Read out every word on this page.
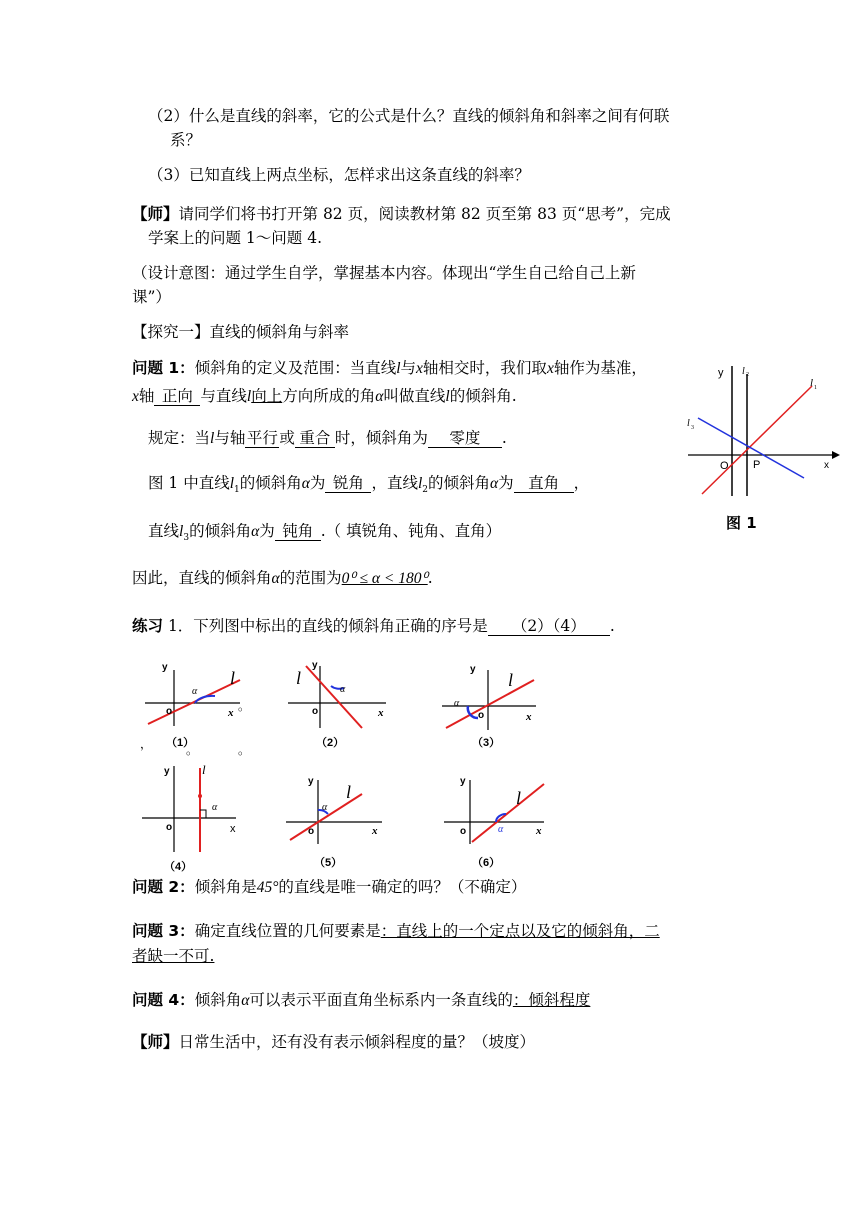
（2）什么是直线的斜率，它的公式是什么？直线的倾斜角和斜率之间有何联
系？
（3）已知直线上两点坐标，怎样求出这条直线的斜率？
【师】请同学们将书打开第 82 页，阅读教材第 82 页至第 83 页“思考”，完成
学案上的问题 1～问题 4.
（设计意图：通过学生自学，掌握基本内容。体现出“学生自己给自己上新
课”）
【探究一】直线的倾斜角与斜率
问题 1：倾斜角的定义及范围：当直线l与x轴相交时，我们取x轴作为基准，
x轴 正向 与直线l向上方向所成的角α叫做直线l的倾斜角.
规定：当l与轴平行或 重合 时，倾斜角为 零度 .
图 1 中直线$l_1$的倾斜角α为 锐角 ，直线$l_2$的倾斜角α为 直角 ，
直线$l_3$的倾斜角α为 钝角 .（ 填锐角、钝角、直角）
因此，直线的倾斜角α的范围为0⁰ ≤ α < 180⁰.
练习 1．下列图中标出的直线的倾斜角正确的序号是 （2）（4） .
问题 2：倾斜角是45°的直线是唯一确定的吗？（不确定）
问题 3：确定直线位置的几何要素是：直线上的一个定点以及它的倾斜角，二
者缺一不可.
问题 4：倾斜角α可以表示平面直角坐标系内一条直线的：倾斜程度
【师】日常生活中，还有没有表示倾斜程度的量？（坡度）
y l 2
l 1
l 3
O P	x
图 1
y
l
α
o	x
（1）
y
l
α
o	x
（2）
y
l
α
o	x
（3）
y l
α
o	x
（4）
y
l
α
o	x
（5）
y
l
α
o	x
（6）
。
，	。	。
